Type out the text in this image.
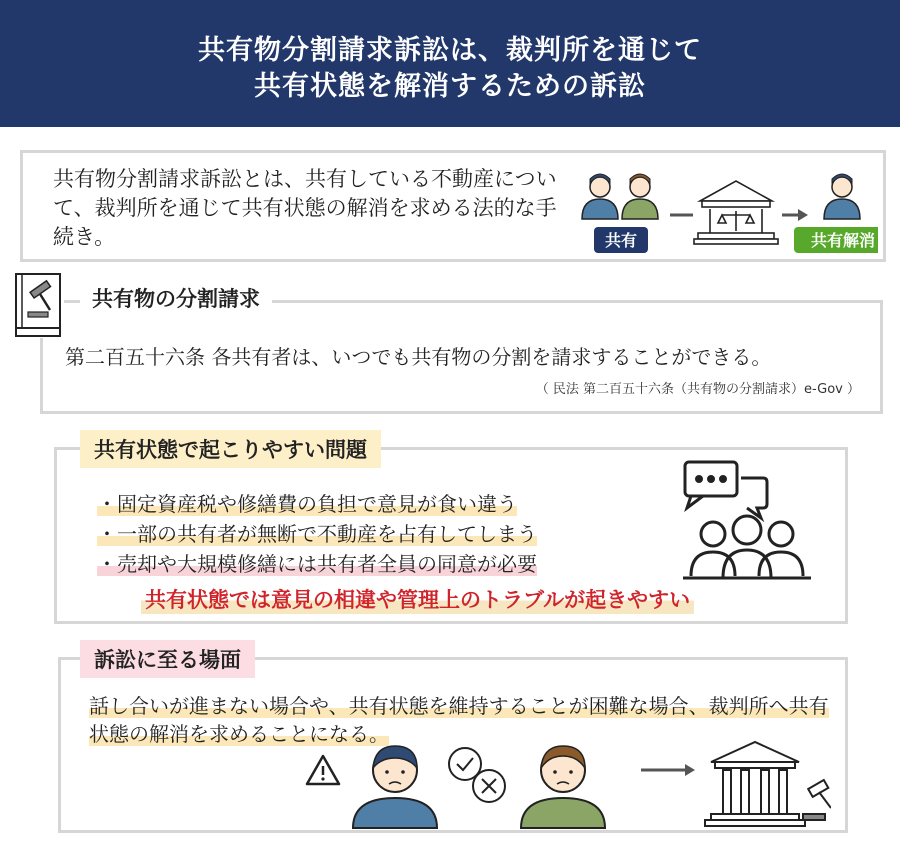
共有物分割請求訴訟は、裁判所を通じて
共有状態を解消するための訴訟
共有物分割請求訴訟とは、共有している不動産について、裁判所を通じて共有状態の解消を求める法的な手続き。	共有	共有解消
第二百五十六条 各共有者は、いつでも共有物の分割を請求することができる。
（ 民法 第二百五十六条（共有物の分割請求）e-Gov ）
共有物の分割請求
・固定資産税や修繕費の負担で意見が食い違う
・一部の共有者が無断で不動産を占有してしまう
・売却や大規模修繕には共有者全員の同意が必要
共有状態では意見の相違や管理上のトラブルが起きやすい
共有状態で起こりやすい問題
話し合いが進まない場合や、共有状態を維持することが困難な場合、裁判所へ共有状態の解消を求めることになる。
訴訟に至る場面
